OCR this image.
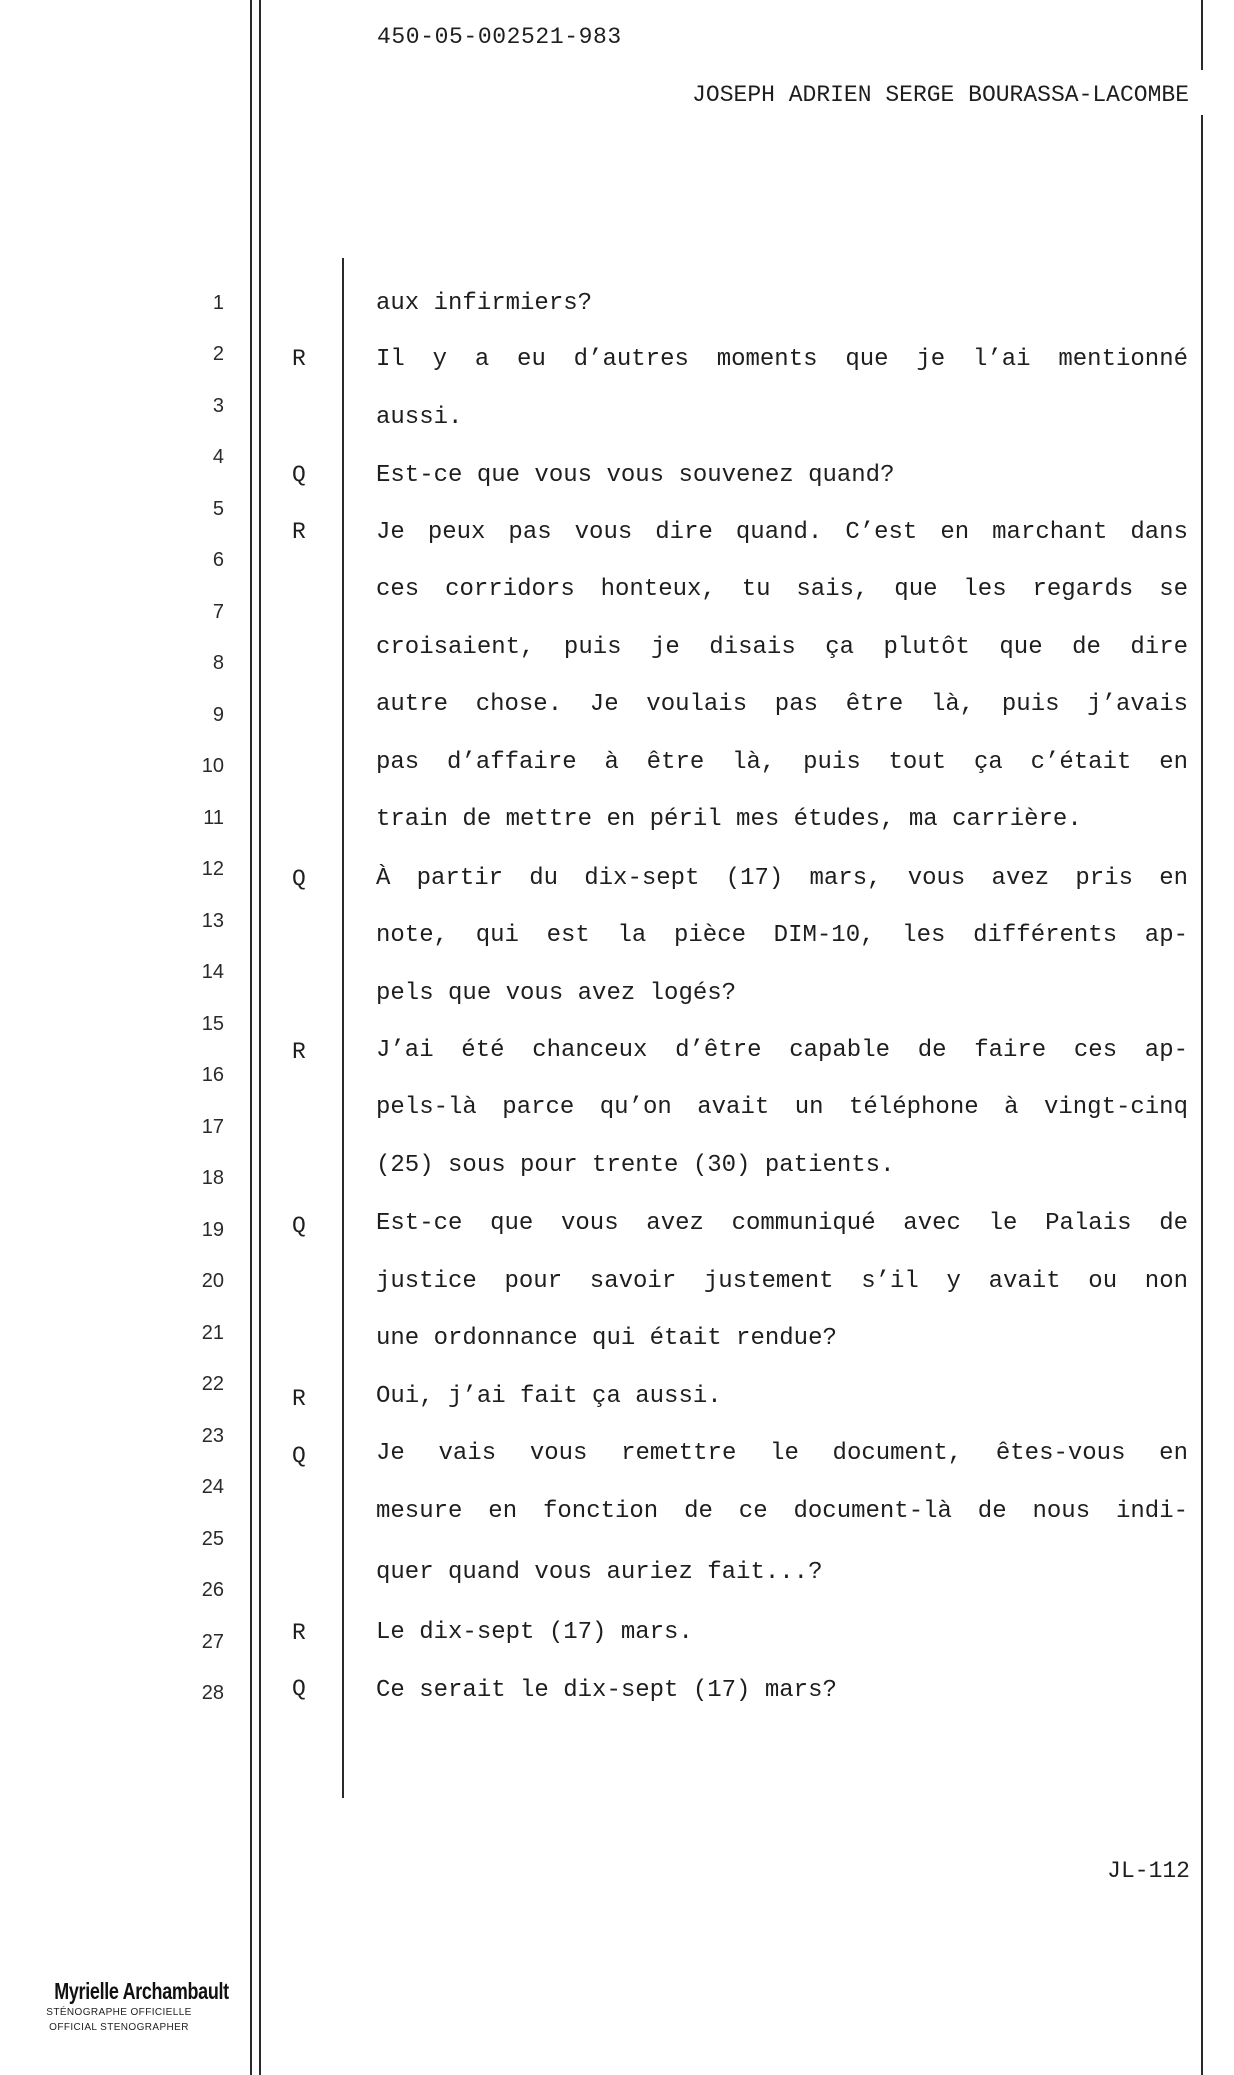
450-05-002521-983
JOSEPH ADRIEN SERGE BOURASSA-LACOMBE
1
2
3
4
5
6
7
8
9
10
11
12
13
14
15
16
17
18
19
20
21
22
23
24
25
26
27
28
R
Q
R
Q
R
Q
R
Q
R
Q
aux infirmiers?
Il y a eu d’autres moments que je l’ai mentionné
aussi.
Est-ce que vous vous souvenez quand?
Je peux pas vous dire quand. C’est en marchant dans
ces corridors honteux, tu sais, que les regards se
croisaient, puis je disais ça plutôt que de dire
autre chose. Je voulais pas être là, puis j’avais
pas d’affaire à être là, puis tout ça c’était en
train de mettre en péril mes études, ma carrière.
À partir du dix-sept (17) mars, vous avez pris en
note, qui est la pièce DIM-10, les différents ap-
pels que vous avez logés?
J’ai été chanceux d’être capable de faire ces ap-
pels-là parce qu’on avait un téléphone à vingt-cinq
(25) sous pour trente (30) patients.
Est-ce que vous avez communiqué avec le Palais de
justice pour savoir justement s’il y avait ou non
une ordonnance qui était rendue?
Oui, j’ai fait ça aussi.
Je vais vous remettre le document, êtes-vous en
mesure en fonction de ce document-là de nous indi-
quer quand vous auriez fait...?
Le dix-sept (17) mars.
Ce serait le dix-sept (17) mars?
JL-112
Myrielle Archambault
STÉNOGRAPHE OFFICIELLE
OFFICIAL STENOGRAPHER
